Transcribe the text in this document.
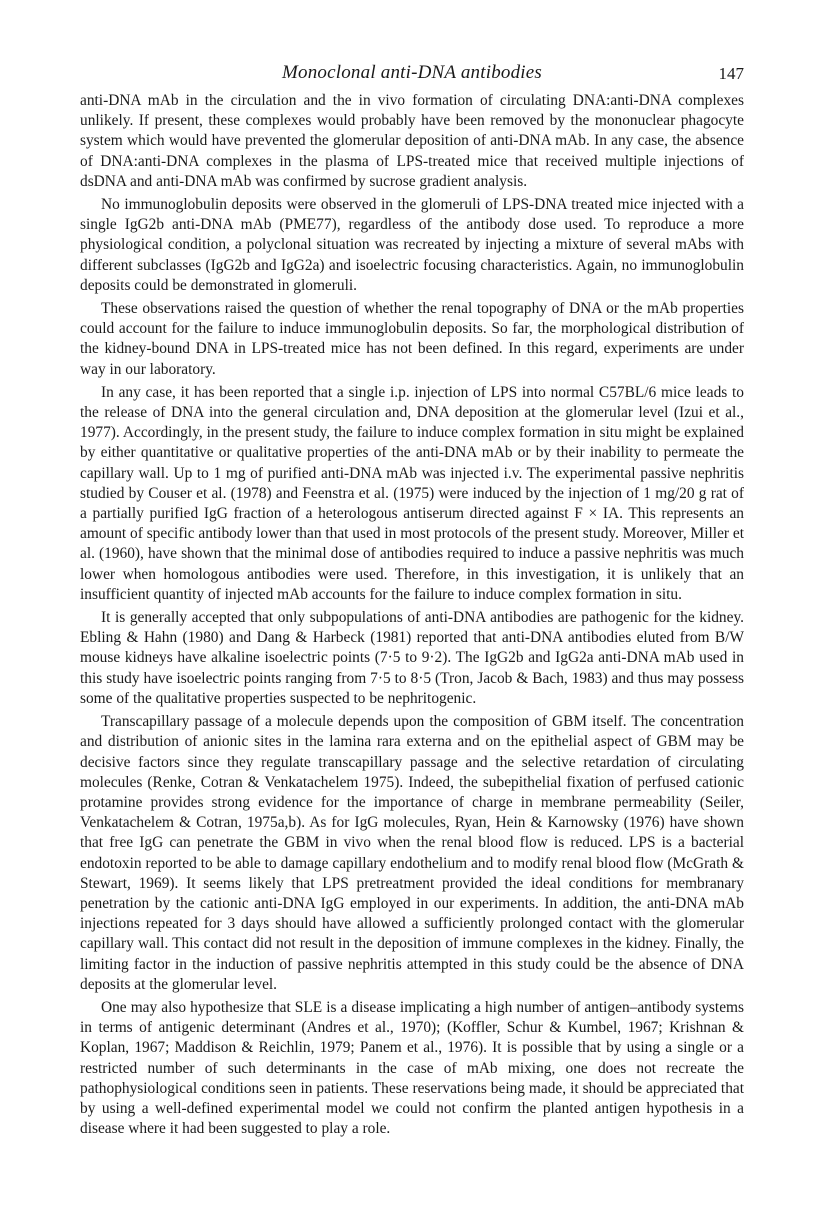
Monoclonal anti-DNA antibodies	147

anti-DNA mAb in the circulation and the in vivo formation of circulating DNA:anti-DNA complexes unlikely. If present, these complexes would probably have been removed by the mononuclear phagocyte system which would have prevented the glomerular deposition of anti-DNA mAb. In any case, the absence of DNA:anti-DNA complexes in the plasma of LPS-treated mice that received multiple injections of dsDNA and anti-DNA mAb was confirmed by sucrose gradient analysis.

No immunoglobulin deposits were observed in the glomeruli of LPS-DNA treated mice injected with a single IgG2b anti-DNA mAb (PME77), regardless of the antibody dose used. To reproduce a more physiological condition, a polyclonal situation was recreated by injecting a mixture of several mAbs with different subclasses (IgG2b and IgG2a) and isoelectric focusing characteristics. Again, no immunoglobulin deposits could be demonstrated in glomeruli.

These observations raised the question of whether the renal topography of DNA or the mAb properties could account for the failure to induce immunoglobulin deposits. So far, the morphological distribution of the kidney-bound DNA in LPS-treated mice has not been defined. In this regard, experiments are under way in our laboratory.

In any case, it has been reported that a single i.p. injection of LPS into normal C57BL/6 mice leads to the release of DNA into the general circulation and, DNA deposition at the glomerular level (Izui et al., 1977). Accordingly, in the present study, the failure to induce complex formation in situ might be explained by either quantitative or qualitative properties of the anti-DNA mAb or by their inability to permeate the capillary wall. Up to 1 mg of purified anti-DNA mAb was injected i.v. The experimental passive nephritis studied by Couser et al. (1978) and Feenstra et al. (1975) were induced by the injection of 1 mg/20 g rat of a partially purified IgG fraction of a heterologous antiserum directed against F × IA. This represents an amount of specific antibody lower than that used in most protocols of the present study. Moreover, Miller et al. (1960), have shown that the minimal dose of antibodies required to induce a passive nephritis was much lower when homologous antibodies were used. Therefore, in this investigation, it is unlikely that an insufficient quantity of injected mAb accounts for the failure to induce complex formation in situ.

It is generally accepted that only subpopulations of anti-DNA antibodies are pathogenic for the kidney. Ebling & Hahn (1980) and Dang & Harbeck (1981) reported that anti-DNA antibodies eluted from B/W mouse kidneys have alkaline isoelectric points (7·5 to 9·2). The IgG2b and IgG2a anti-DNA mAb used in this study have isoelectric points ranging from 7·5 to 8·5 (Tron, Jacob & Bach, 1983) and thus may possess some of the qualitative properties suspected to be nephritogenic.

Transcapillary passage of a molecule depends upon the composition of GBM itself. The concentration and distribution of anionic sites in the lamina rara externa and on the epithelial aspect of GBM may be decisive factors since they regulate transcapillary passage and the selective retardation of circulating molecules (Renke, Cotran & Venkatachelem 1975). Indeed, the subepithelial fixation of perfused cationic protamine provides strong evidence for the importance of charge in membrane permeability (Seiler, Venkatachelem & Cotran, 1975a,b). As for IgG molecules, Ryan, Hein & Karnowsky (1976) have shown that free IgG can penetrate the GBM in vivo when the renal blood flow is reduced. LPS is a bacterial endotoxin reported to be able to damage capillary endothelium and to modify renal blood flow (McGrath & Stewart, 1969). It seems likely that LPS pretreatment provided the ideal conditions for membranary penetration by the cationic anti-DNA IgG employed in our experiments. In addition, the anti-DNA mAb injections repeated for 3 days should have allowed a sufficiently prolonged contact with the glomerular capillary wall. This contact did not result in the deposition of immune complexes in the kidney. Finally, the limiting factor in the induction of passive nephritis attempted in this study could be the absence of DNA deposits at the glomerular level.

One may also hypothesize that SLE is a disease implicating a high number of antigen–antibody systems in terms of antigenic determinant (Andres et al., 1970); (Koffler, Schur & Kumbel, 1967; Krishnan & Koplan, 1967; Maddison & Reichlin, 1979; Panem et al., 1976). It is possible that by using a single or a restricted number of such determinants in the case of mAb mixing, one does not recreate the pathophysiological conditions seen in patients. These reservations being made, it should be appreciated that by using a well-defined experimental model we could not confirm the planted antigen hypothesis in a disease where it had been suggested to play a role.
